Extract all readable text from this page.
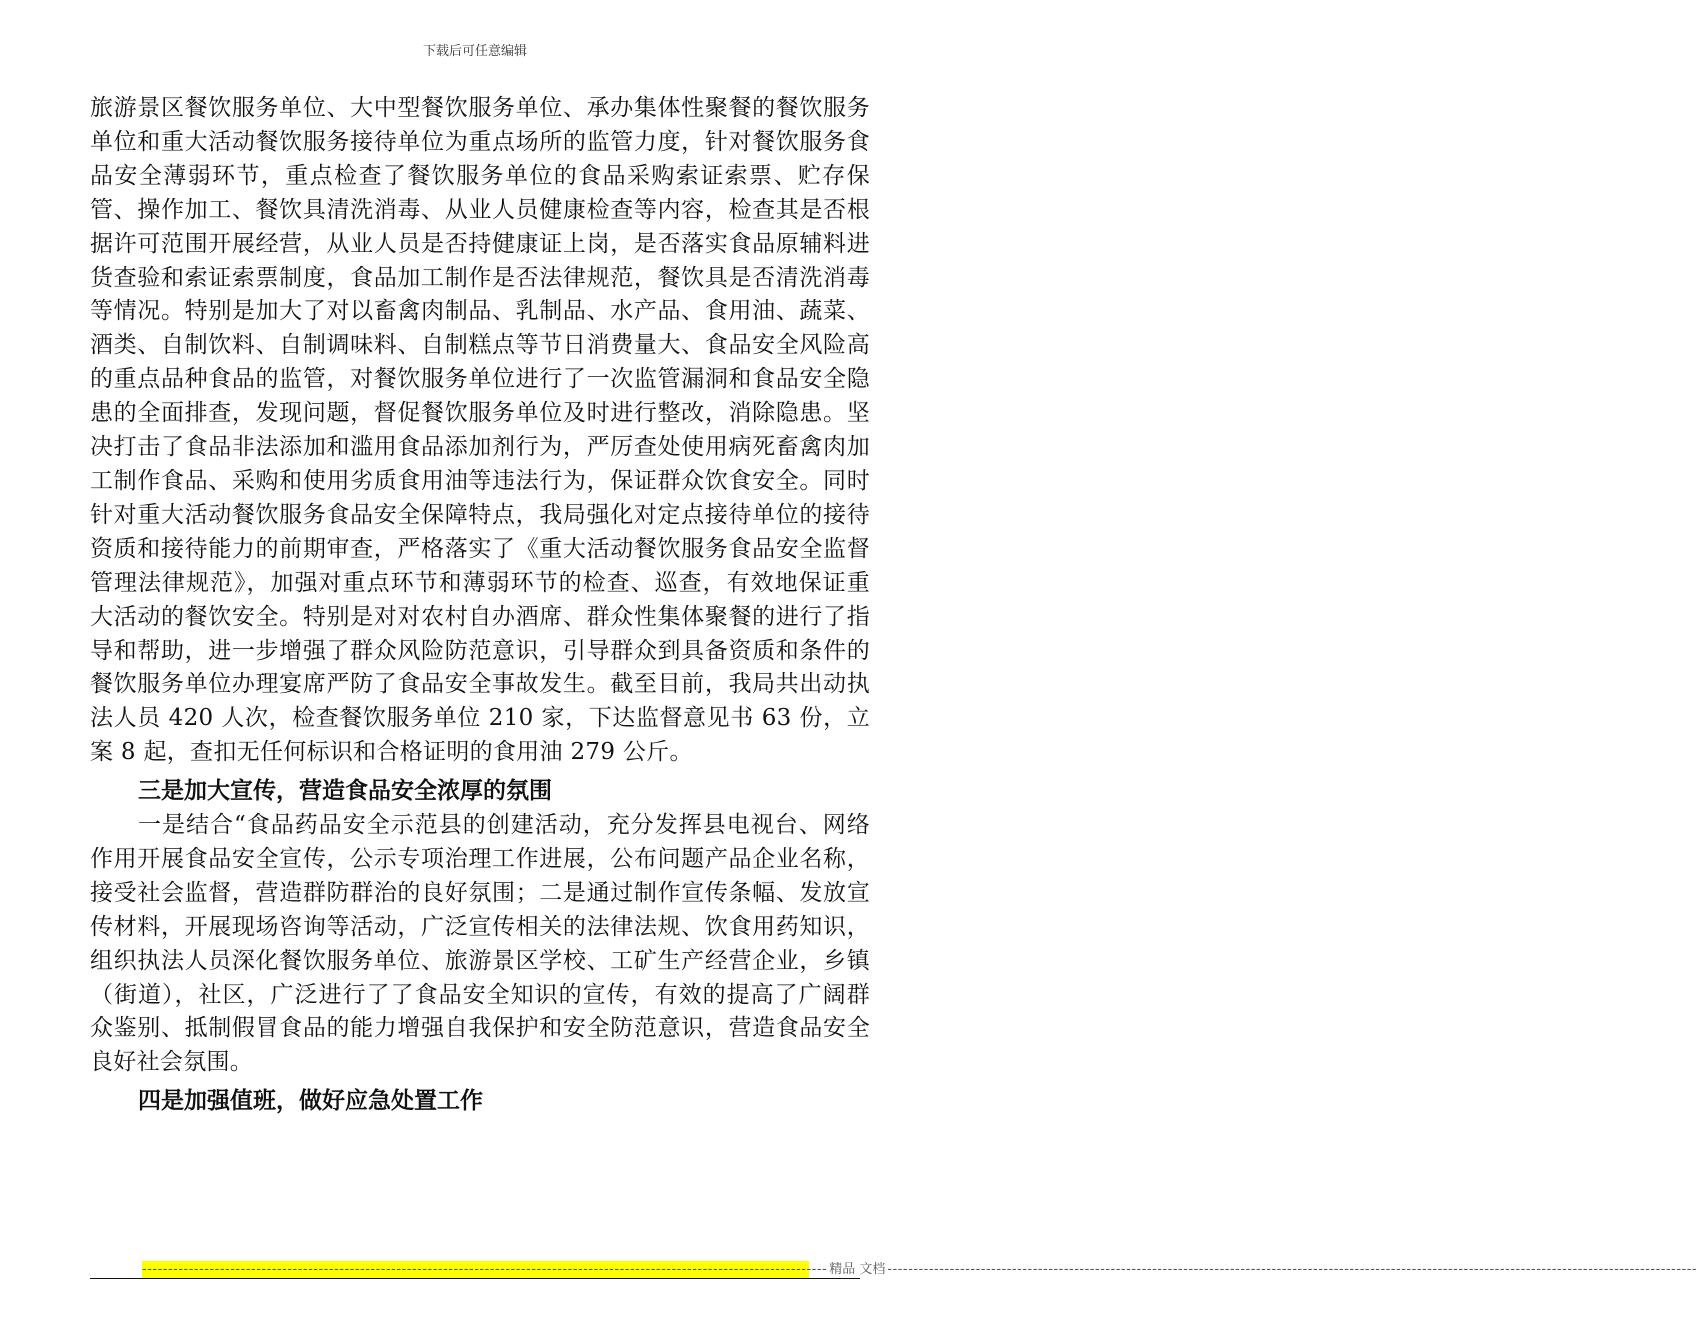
下载后可任意编辑

旅游景区餐饮服务单位、大中型餐饮服务单位、承办集体性聚餐的餐饮服务单位和重大活动餐饮服务接待单位为重点场所的监管力度，针对餐饮服务食品安全薄弱环节，重点检查了餐饮服务单位的食品采购索证索票、贮存保管、操作加工、餐饮具清洗消毒、从业人员健康检查等内容，检查其是否根据许可范围开展经营，从业人员是否持健康证上岗，是否落实食品原辅料进货查验和索证索票制度，食品加工制作是否法律规范，餐饮具是否清洗消毒等情况。特别是加大了对以畜禽肉制品、乳制品、水产品、食用油、蔬菜、酒类、自制饮料、自制调味料、自制糕点等节日消费量大、食品安全风险高的重点品种食品的监管，对餐饮服务单位进行了一次监管漏洞和食品安全隐患的全面排查，发现问题，督促餐饮服务单位及时进行整改，消除隐患。坚决打击了食品非法添加和滥用食品添加剂行为，严厉查处使用病死畜禽肉加工制作食品、采购和使用劣质食用油等违法行为，保证群众饮食安全。同时针对重大活动餐饮服务食品安全保障特点，我局强化对定点接待单位的接待资质和接待能力的前期审查，严格落实了《重大活动餐饮服务食品安全监督管理法律规范》，加强对重点环节和薄弱环节的检查、巡查，有效地保证重大活动的餐饮安全。特别是对对农村自办酒席、群众性集体聚餐的进行了指导和帮助，进一步增强了群众风险防范意识，引导群众到具备资质和条件的餐饮服务单位办理宴席严防了食品安全事故发生。截至目前，我局共出动执法人员 420 人次，检查餐饮服务单位 210 家，下达监督意见书 63 份，立案 8 起，查扣无任何标识和合格证明的食用油 279 公斤。

三是加大宣传，营造食品安全浓厚的氛围

一是结合“食品药品安全示范县的创建活动，充分发挥县电视台、网络作用开展食品安全宣传，公示专项治理工作进展，公布问题产品企业名称，接受社会监督，营造群防群治的良好氛围；二是通过制作宣传条幅、发放宣传材料，开展现场咨询等活动，广泛宣传相关的法律法规、饮食用药知识，组织执法人员深化餐饮服务单位、旅游景区学校、工矿生产经营企业，乡镇（街道），社区，广泛进行了了食品安全知识的宣传，有效的提高了广阔群众鉴别、抵制假冒食品的能力增强自我保护和安全防范意识，营造食品安全良好社会氛围。

四是加强值班，做好应急处置工作

------------------------------------------------------------------------------------------------------------------------------------ 精品 文档 ------------------------------------------------------------------------------------------------------------------------------------------------------------
